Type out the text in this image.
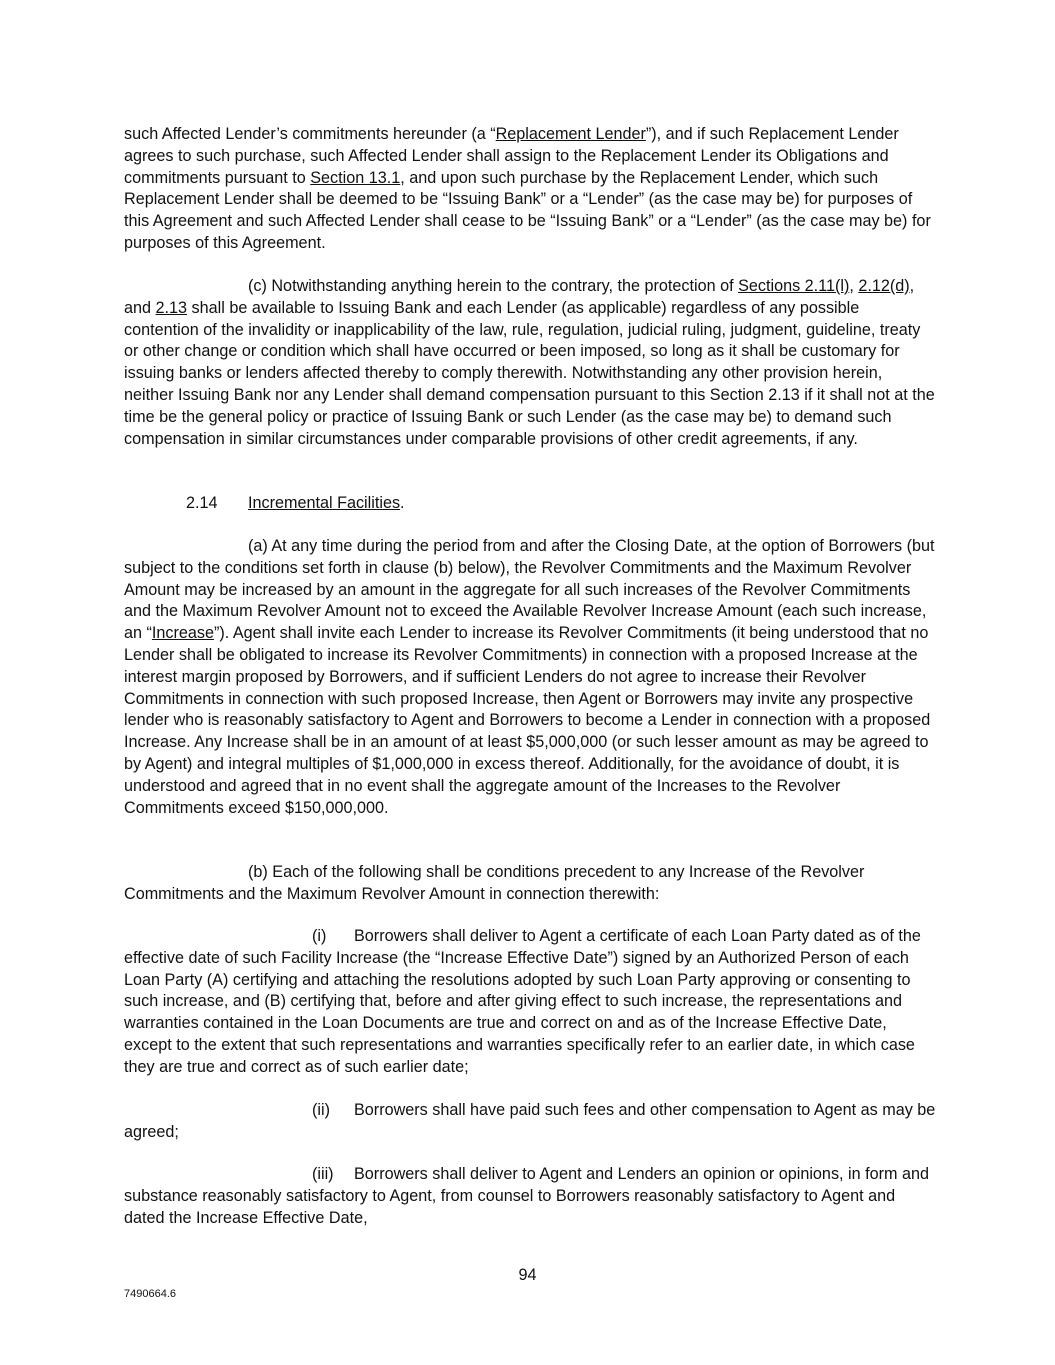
such Affected Lender’s commitments hereunder (a “Replacement Lender”), and if such Replacement Lender agrees to such purchase, such Affected Lender shall assign to the Replacement Lender its Obligations and commitments pursuant to Section 13.1, and upon such purchase by the Replacement Lender, which such Replacement Lender shall be deemed to be “Issuing Bank” or a “Lender” (as the case may be) for purposes of this Agreement and such Affected Lender shall cease to be “Issuing Bank” or a “Lender” (as the case may be) for purposes of this Agreement.

(c) Notwithstanding anything herein to the contrary, the protection of Sections 2.11(l), 2.12(d), and 2.13 shall be available to Issuing Bank and each Lender (as applicable) regardless of any possible contention of the invalidity or inapplicability of the law, rule, regulation, judicial ruling, judgment, guideline, treaty or other change or condition which shall have occurred or been imposed, so long as it shall be customary for issuing banks or lenders affected thereby to comply therewith. Notwithstanding any other provision herein, neither Issuing Bank nor any Lender shall demand compensation pursuant to this Section 2.13 if it shall not at the time be the general policy or practice of Issuing Bank or such Lender (as the case may be) to demand such compensation in similar circumstances under comparable provisions of other credit agreements, if any.

2.14 Incremental Facilities.

(a) At any time during the period from and after the Closing Date, at the option of Borrowers (but subject to the conditions set forth in clause (b) below), the Revolver Commitments and the Maximum Revolver Amount may be increased by an amount in the aggregate for all such increases of the Revolver Commitments and the Maximum Revolver Amount not to exceed the Available Revolver Increase Amount (each such increase, an “Increase”). Agent shall invite each Lender to increase its Revolver Commitments (it being understood that no Lender shall be obligated to increase its Revolver Commitments) in connection with a proposed Increase at the interest margin proposed by Borrowers, and if sufficient Lenders do not agree to increase their Revolver Commitments in connection with such proposed Increase, then Agent or Borrowers may invite any prospective lender who is reasonably satisfactory to Agent and Borrowers to become a Lender in connection with a proposed Increase. Any Increase shall be in an amount of at least $5,000,000 (or such lesser amount as may be agreed to by Agent) and integral multiples of $1,000,000 in excess thereof. Additionally, for the avoidance of doubt, it is understood and agreed that in no event shall the aggregate amount of the Increases to the Revolver Commitments exceed $150,000,000.

(b) Each of the following shall be conditions precedent to any Increase of the Revolver Commitments and the Maximum Revolver Amount in connection therewith:

(i) Borrowers shall deliver to Agent a certificate of each Loan Party dated as of the effective date of such Facility Increase (the “Increase Effective Date”) signed by an Authorized Person of each Loan Party (A) certifying and attaching the resolutions adopted by such Loan Party approving or consenting to such increase, and (B) certifying that, before and after giving effect to such increase, the representations and warranties contained in the Loan Documents are true and correct on and as of the Increase Effective Date, except to the extent that such representations and warranties specifically refer to an earlier date, in which case they are true and correct as of such earlier date;

(ii) Borrowers shall have paid such fees and other compensation to Agent as may be agreed;

(iii) Borrowers shall deliver to Agent and Lenders an opinion or opinions, in form and substance reasonably satisfactory to Agent, from counsel to Borrowers reasonably satisfactory to Agent and dated the Increase Effective Date,

94
7490664.6
